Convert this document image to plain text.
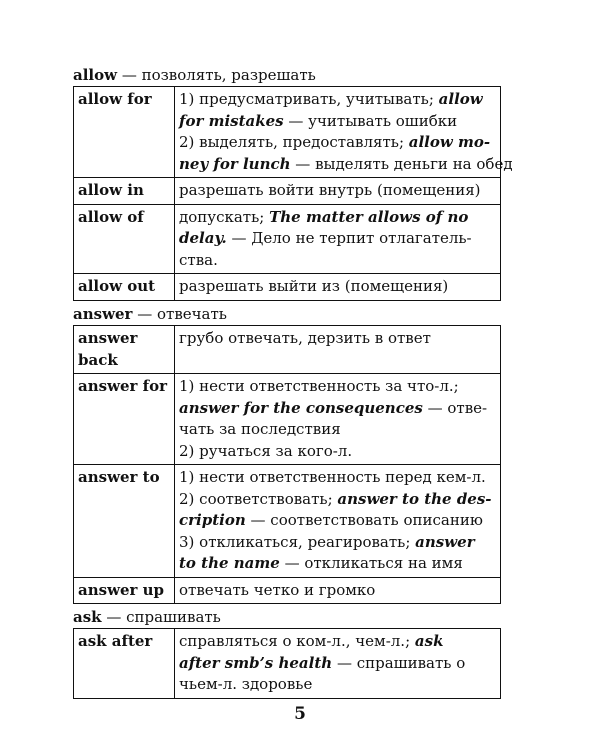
allow — позволять, разрешать
allow for	1) предусматривать, учитывать; allow
for mistakes — учитывать ошибки
2) выделять, предоставлять; allow mo-
ney for lunch — выделять деньги на обед

allow in	разрешать войти внутрь (помещения)

allow of	допускать; The matter allows of no
delay. — Дело не терпит отлагатель-
ства.

allow out	разрешать выйти из (помещения)
answer — отвечать
answer back	грубо отвечать, дерзить в ответ

answer for	1) нести ответственность за что-л.;
answer for the consequences — отве-
чать за последствия
2) ручаться за кого-л.

answer to	1) нести ответственность перед кем-л.
2) соответствовать; answer to the des-
cription — соответствовать описанию
3) откликаться, реагировать; answer
to the name — откликаться на имя

answer up	отвечать четко и громко
ask — спрашивать
ask after	справляться о ком-л., чем-л.; ask
after smb’s health — спрашивать о
чьем-л. здоровье
5
